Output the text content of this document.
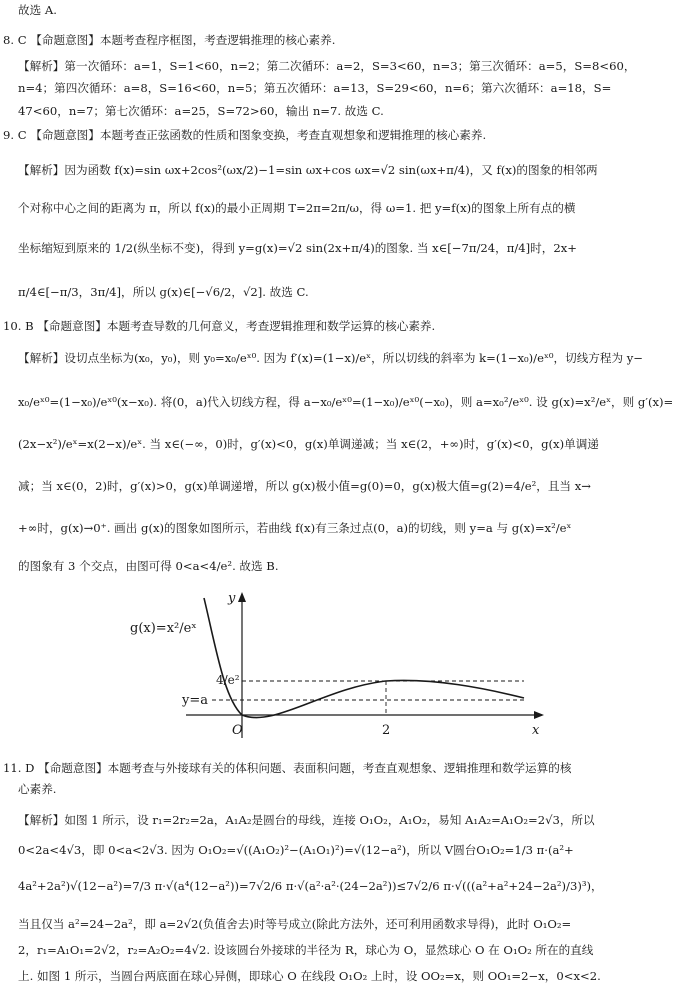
故选 A.
8. C 【命题意图】本题考查程序框图，考查逻辑推理的核心素养.
【解析】第一次循环：a=1，S=1<60，n=2；第二次循环：a=2，S=3<60，n=3；第三次循环：a=5，S=8<60，
n=4；第四次循环：a=8，S=16<60，n=5；第五次循环：a=13，S=29<60，n=6；第六次循环：a=18，S=
47<60，n=7；第七次循环：a=25，S=72>60，输出 n=7. 故选 C.
9. C 【命题意图】本题考查正弦函数的性质和图象变换，考查直观想象和逻辑推理的核心素养.
【解析】因为函数 f(x)=sin ωx+2cos²(ωx/2)−1=sin ωx+cos ωx=√2 sin(ωx+π/4)，又 f(x)的图象的相邻两
个对称中心之间的距离为 π，所以 f(x)的最小正周期 T=2π=2π/ω，得 ω=1. 把 y=f(x)的图象上所有点的横
坐标缩短到原来的 1/2(纵坐标不变)，得到 y=g(x)=√2 sin(2x+π/4)的图象. 当 x∈[−7π/24，π/4]时，2x+
π/4∈[−π/3，3π/4]，所以 g(x)∈[−√6/2，√2]. 故选 C.
10. B 【命题意图】本题考查导数的几何意义，考查逻辑推理和数学运算的核心素养.
【解析】设切点坐标为(x₀，y₀)，则 y₀=x₀/eˣ⁰. 因为 f′(x)=(1−x)/eˣ，所以切线的斜率为 k=(1−x₀)/eˣ⁰，切线方程为 y−
x₀/eˣ⁰=(1−x₀)/eˣ⁰(x−x₀). 将(0，a)代入切线方程，得 a−x₀/eˣ⁰=(1−x₀)/eˣ⁰(−x₀)，则 a=x₀²/eˣ⁰. 设 g(x)=x²/eˣ，则 g′(x)=
(2x−x²)/eˣ=x(2−x)/eˣ. 当 x∈(−∞，0)时，g′(x)<0，g(x)单调递减；当 x∈(2，+∞)时，g′(x)<0，g(x)单调递
减；当 x∈(0，2)时，g′(x)>0，g(x)单调递增，所以 g(x)极小值=g(0)=0，g(x)极大值=g(2)=4/e²，且当 x→
+∞时，g(x)→0⁺. 画出 g(x)的图象如图所示，若曲线 f(x)有三条过点(0，a)的切线，则 y=a 与 g(x)=x²/eˣ
的图象有 3 个交点，由图可得 0<a<4/e². 故选 B.
11. D 【命题意图】本题考查与外接球有关的体积问题、表面积问题，考查直观想象、逻辑推理和数学运算的核
心素养.
【解析】如图 1 所示，设 r₁=2r₂=2a，A₁A₂是圆台的母线，连接 O₁O₂，A₁O₂，易知 A₁A₂=A₁O₂=2√3，所以
0<2a<4√3，即 0<a<2√3. 因为 O₁O₂=√((A₁O₂)²−(A₁O₁)²)=√(12−a²)，所以 V圆台O₁O₂=1/3 π·(a²+
4a²+2a²)√(12−a²)=7/3 π·√(a⁴(12−a²))=7√2/6 π·√(a²·a²·(24−2a²))≤7√2/6 π·√(((a²+a²+24−2a²)/3)³)，
当且仅当 a²=24−2a²，即 a=2√2(负值舍去)时等号成立(除此方法外，还可利用函数求导得)，此时 O₁O₂=
2，r₁=A₁O₁=2√2，r₂=A₂O₂=4√2. 设该圆台外接球的半径为 R，球心为 O，显然球心 O 在 O₁O₂ 所在的直线
上. 如图 1 所示，当圆台两底面在球心异侧，即球心 O 在线段 O₁O₂ 上时，设 OO₂=x，则 OO₁=2−x，0<x<2.
g(x)=x²/eˣ
y
x
O	2
4/e²
y=a
